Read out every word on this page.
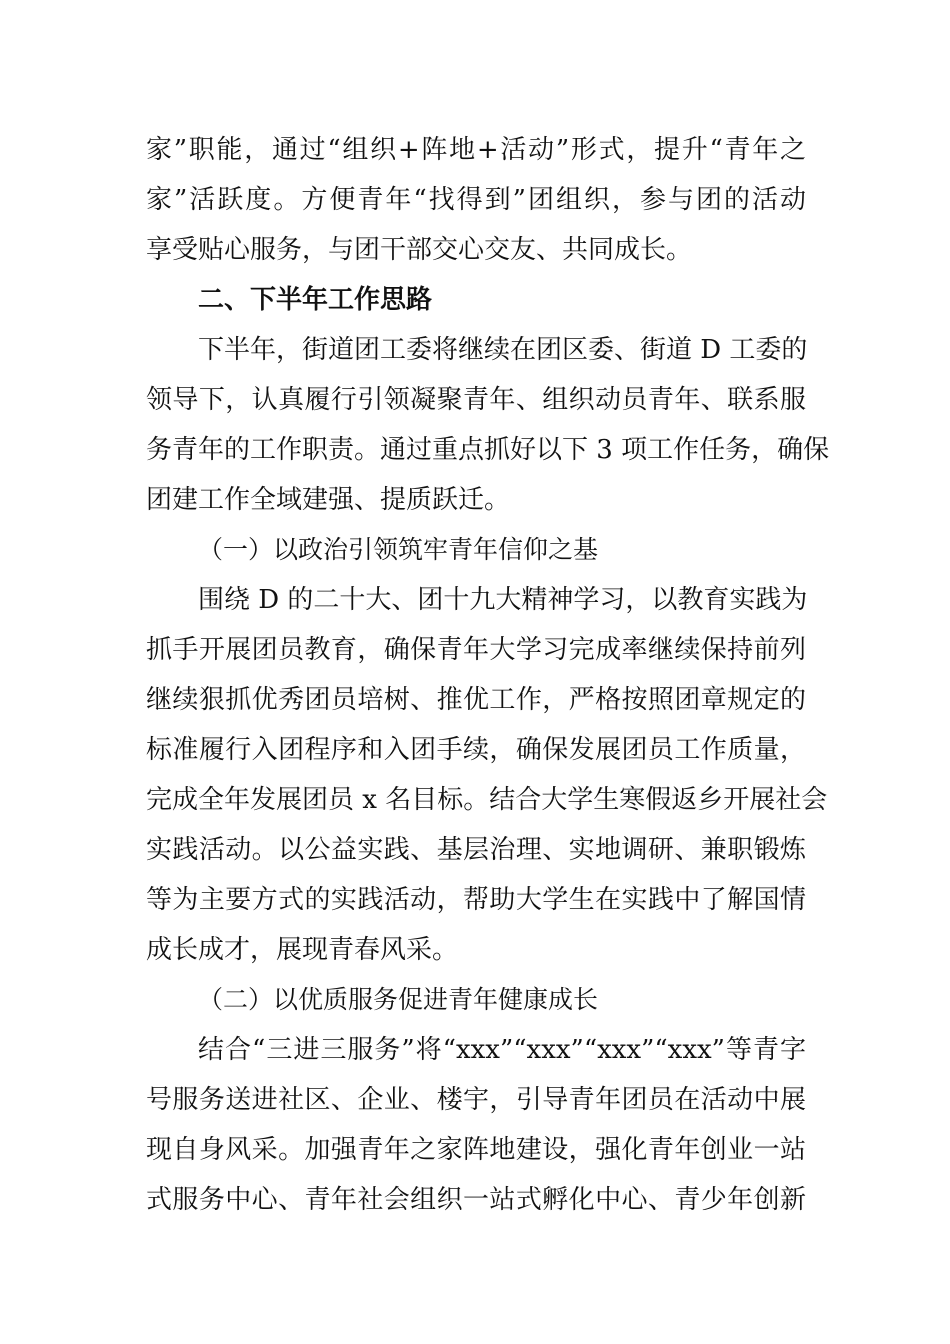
家”职能，通过“组织+阵地+活动”形式，提升“青年之
家”活跃度。方便青年“找得到”团组织，参与团的活动
享受贴心服务，与团干部交心交友、共同成长。
二、下半年工作思路
下半年，街道团工委将继续在团区委、街道 D 工委的
领导下，认真履行引领凝聚青年、组织动员青年、联系服
务青年的工作职责。通过重点抓好以下 3 项工作任务，确保
团建工作全域建强、提质跃迁。
（一）以政治引领筑牢青年信仰之基
围绕 D 的二十大、团十九大精神学习，以教育实践为
抓手开展团员教育，确保青年大学习完成率继续保持前列
继续狠抓优秀团员培树、推优工作，严格按照团章规定的
标准履行入团程序和入团手续，确保发展团员工作质量，
完成全年发展团员 x 名目标。结合大学生寒假返乡开展社会
实践活动。以公益实践、基层治理、实地调研、兼职锻炼
等为主要方式的实践活动，帮助大学生在实践中了解国情
成长成才，展现青春风采。
（二）以优质服务促进青年健康成长
结合“三进三服务”将“xxx”“xxx”“xxx”“xxx”等青字
号服务送进社区、企业、楼宇，引导青年团员在活动中展
现自身风采。加强青年之家阵地建设，强化青年创业一站
式服务中心、青年社会组织一站式孵化中心、青少年创新
